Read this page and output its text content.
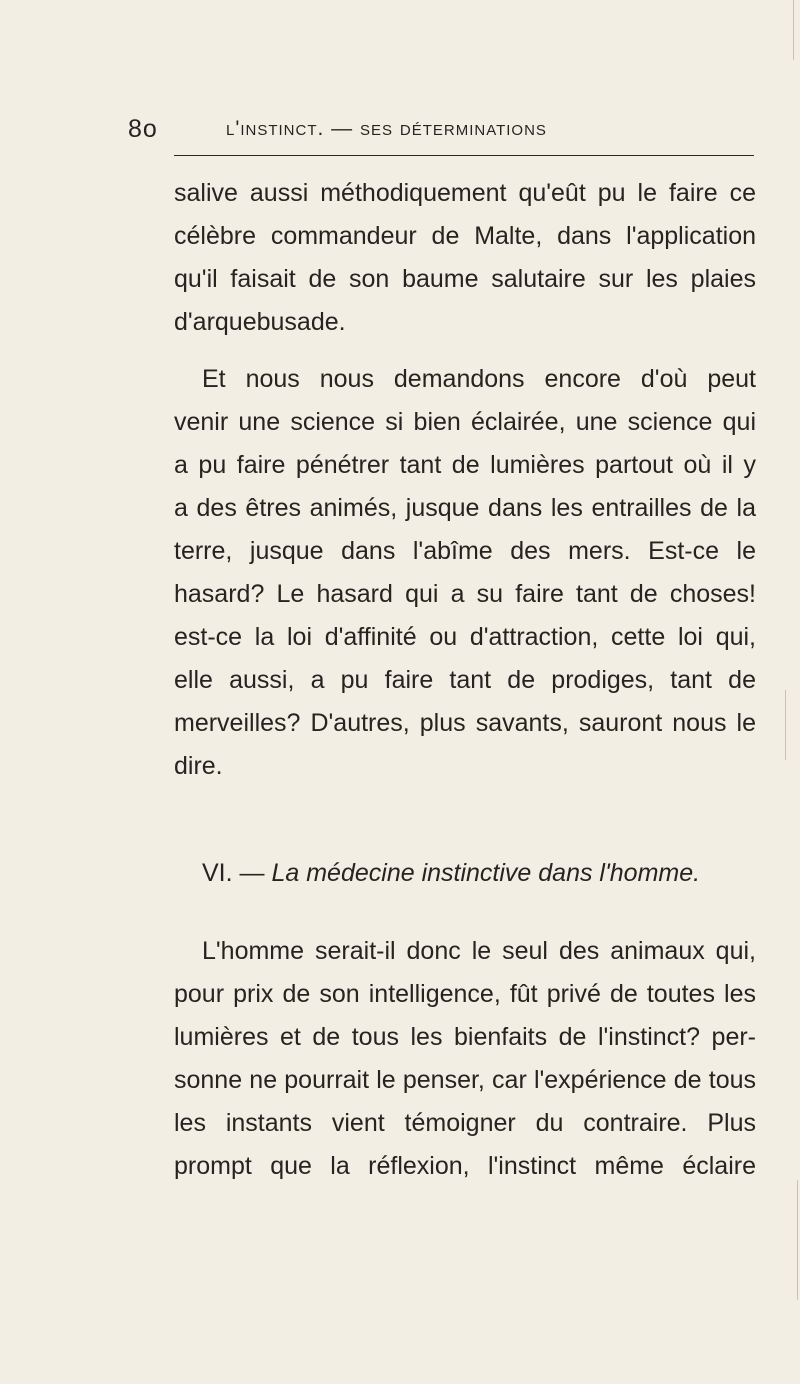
8o	l'instinct. — ses déterminations
salive aussi méthodiquement qu'eût pu le faire ce
célèbre commandeur de Malte, dans l'application
qu'il faisait de son baume salutaire sur les plaies
d'arquebusade.
Et nous nous demandons encore d'où peut
venir une science si bien éclairée, une science qui
a pu faire pénétrer tant de lumières partout où il y
a des êtres animés, jusque dans les entrailles de la
terre, jusque dans l'abîme des mers. Est-ce le
hasard? Le hasard qui a su faire tant de choses!
est-ce la loi d'affinité ou d'attraction, cette loi qui,
elle aussi, a pu faire tant de prodiges, tant de
merveilles? D'autres, plus savants, sauront nous le
dire.
VI. — La médecine instinctive dans l'homme.
L'homme serait-il donc le seul des animaux qui,
pour prix de son intelligence, fût privé de toutes les
lumières et de tous les bienfaits de l'instinct? per-
sonne ne pourrait le penser, car l'expérience de tous
les instants vient témoigner du contraire. Plus
prompt que la réflexion, l'instinct même éclaire
